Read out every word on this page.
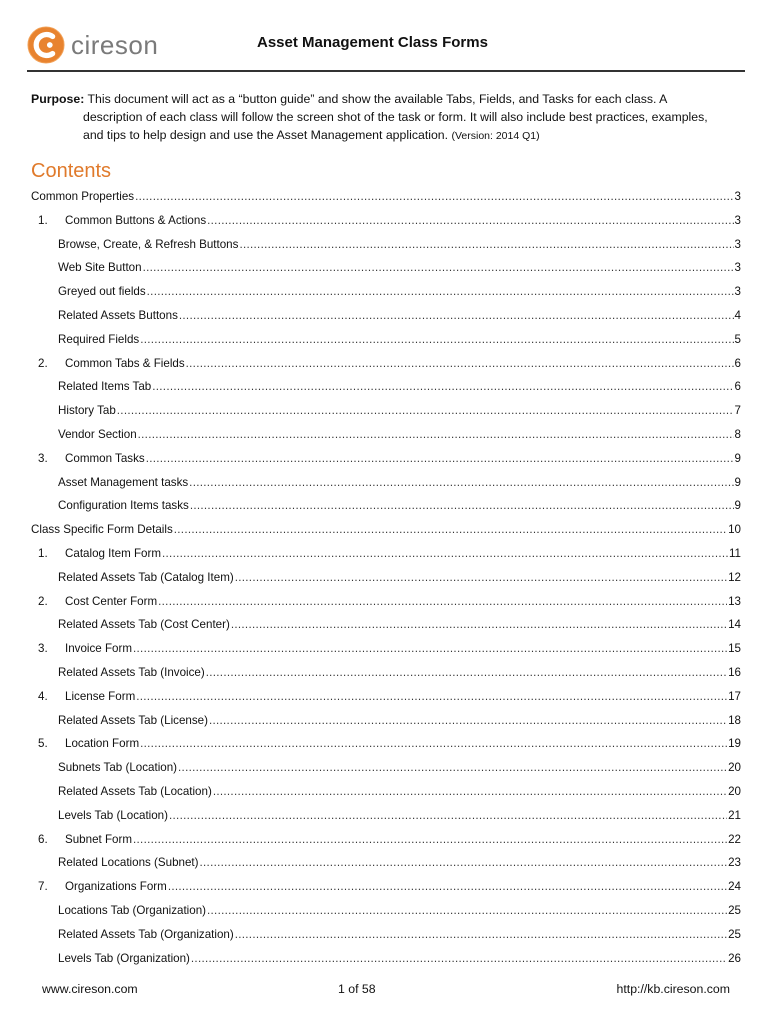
cireson	Asset Management Class Forms
Purpose: This document will act as a “button guide” and show the available Tabs, Fields, and Tasks for each class. A
description of each class will follow the screen shot of the task or form. It will also include best practices, examples,
and tips to help design and use the Asset Management application. (Version: 2014 Q1)
Contents
Common Properties .....	3
1. Common Buttons & Actions .....	3
Browse, Create, & Refresh Buttons .....	3
Web Site Button .....	3
Greyed out fields .....	3
Related Assets Buttons .....	4
Required Fields .....	5
2. Common Tabs & Fields .....	6
Related Items Tab .....	6
History Tab .....	7
Vendor Section .....	8
3. Common Tasks .....	9
Asset Management tasks .....	9
Configuration Items tasks .....	9
Class Specific Form Details .....	10
1. Catalog Item Form .....	11
Related Assets Tab (Catalog Item) .....	12
2. Cost Center Form .....	13
Related Assets Tab (Cost Center) .....	14
3. Invoice Form .....	15
Related Assets Tab (Invoice) .....	16
4. License Form .....	17
Related Assets Tab (License) .....	18
5. Location Form .....	19
Subnets Tab (Location) .....	20
Related Assets Tab (Location) .....	20
Levels Tab (Location) .....	21
6. Subnet Form .....	22
Related Locations (Subnet) .....	23
7. Organizations Form .....	24
Locations Tab (Organization) .....	25
Related Assets Tab (Organization) .....	25
Levels Tab (Organization) .....	26
www.cireson.com	1 of 58	http://kb.cireson.com
